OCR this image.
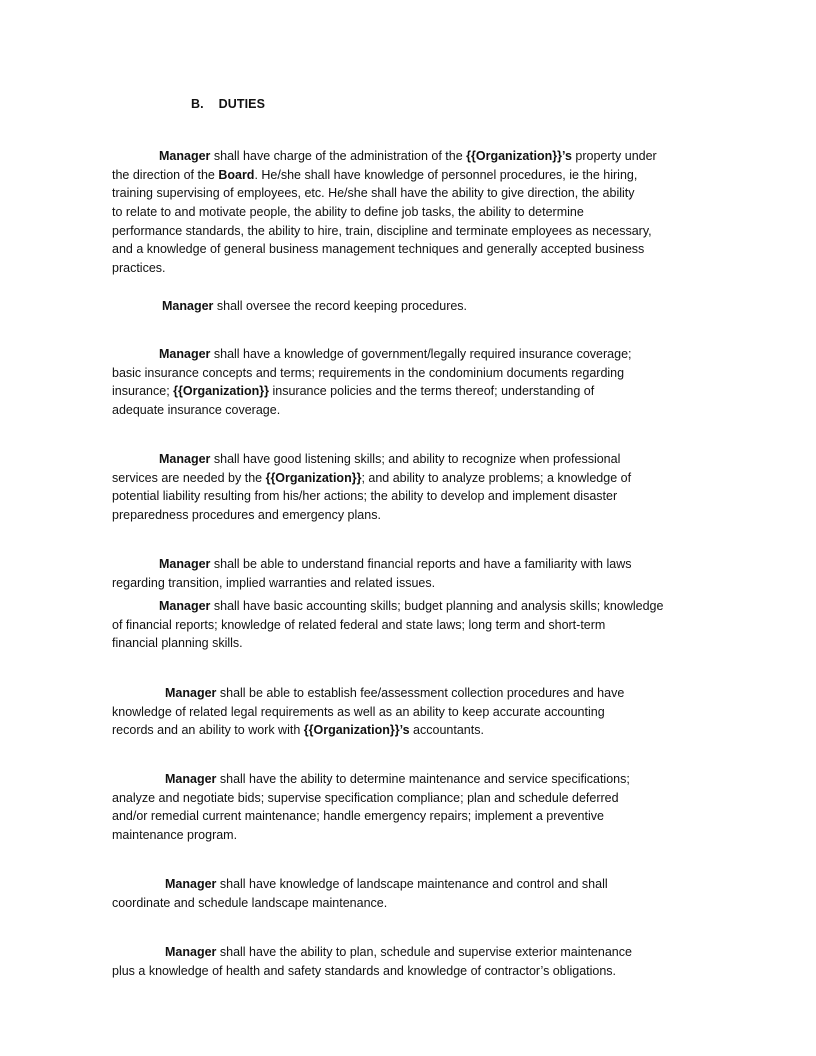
B. DUTIES
Manager shall have charge of the administration of the {{Organization}}’s property under
the direction of the Board. He/she shall have knowledge of personnel procedures, ie the hiring,
training supervising of employees, etc. He/she shall have the ability to give direction, the ability
to relate to and motivate people, the ability to define job tasks, the ability to determine
performance standards, the ability to hire, train, discipline and terminate employees as necessary,
and a knowledge of general business management techniques and generally accepted business
practices.
Manager shall oversee the record keeping procedures.
Manager shall have a knowledge of government/legally required insurance coverage;
basic insurance concepts and terms; requirements in the condominium documents regarding
insurance; {{Organization}} insurance policies and the terms thereof; understanding of
adequate insurance coverage.
Manager shall have good listening skills; and ability to recognize when professional
services are needed by the {{Organization}}; and ability to analyze problems; a knowledge of
potential liability resulting from his/her actions; the ability to develop and implement disaster
preparedness procedures and emergency plans.
Manager shall be able to understand financial reports and have a familiarity with laws
regarding transition, implied warranties and related issues.
Manager shall have basic accounting skills; budget planning and analysis skills; knowledge
of financial reports; knowledge of related federal and state laws; long term and short-term
financial planning skills.
Manager shall be able to establish fee/assessment collection procedures and have
knowledge of related legal requirements as well as an ability to keep accurate accounting
records and an ability to work with {{Organization}}’s accountants.
Manager shall have the ability to determine maintenance and service specifications;
analyze and negotiate bids; supervise specification compliance; plan and schedule deferred
and/or remedial current maintenance; handle emergency repairs; implement a preventive
maintenance program.
Manager shall have knowledge of landscape maintenance and control and shall
coordinate and schedule landscape maintenance.
Manager shall have the ability to plan, schedule and supervise exterior maintenance
plus a knowledge of health and safety standards and knowledge of contractor’s obligations.
